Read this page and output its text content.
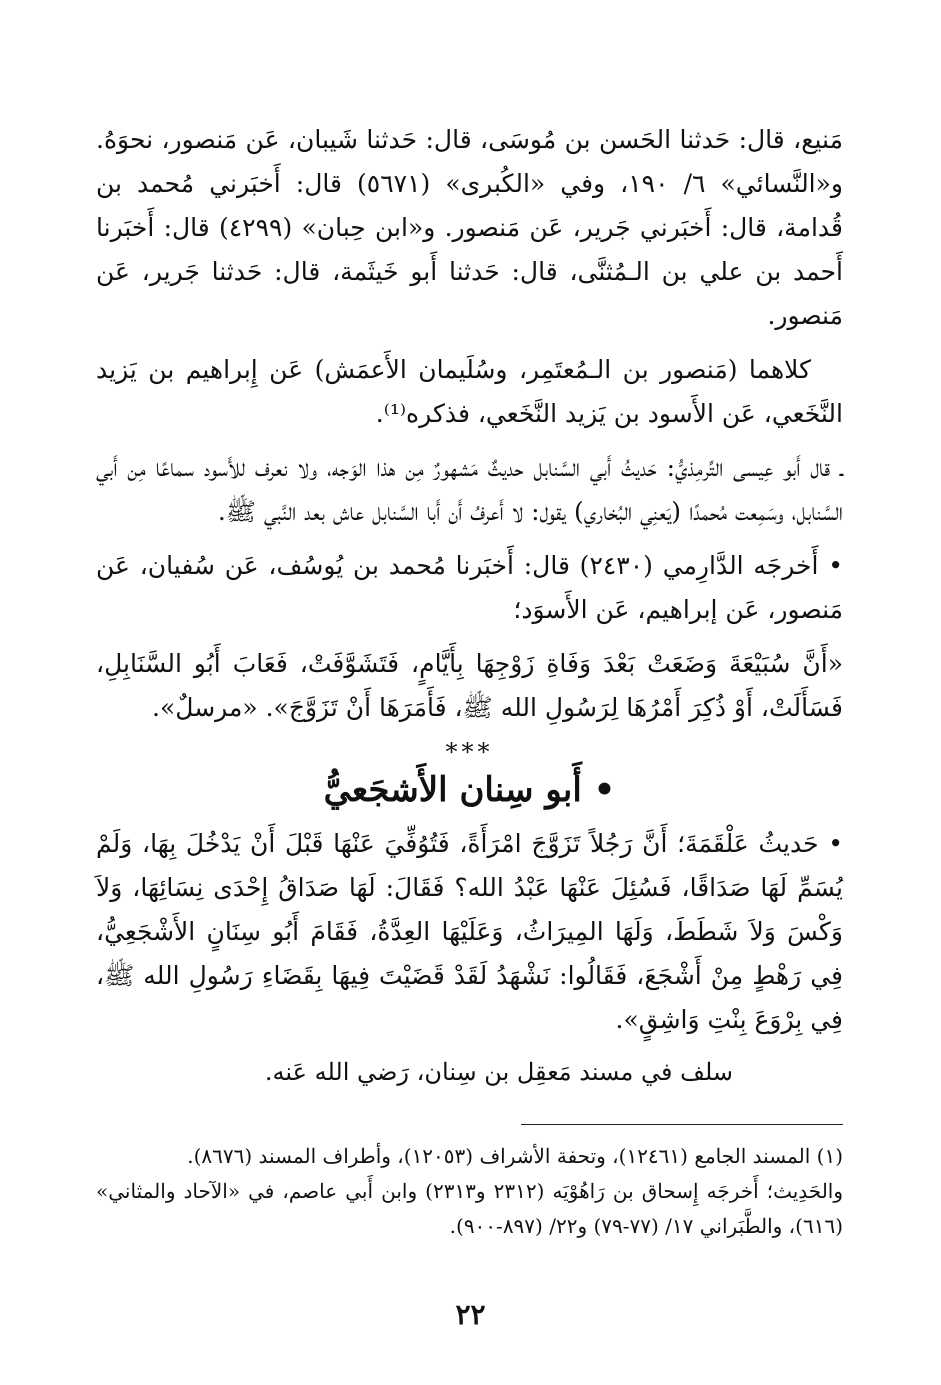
مَنيع، قال: حَدثنا الحَسن بن مُوسَى، قال: حَدثنا شَيبان، عَن مَنصور، نحوَهُ. و«النَّسائي» ٦/ ١٩٠، وفي «الكُبرى» (٥٦٧١) قال: أَخبَرني مُحمد بن قُدامة، قال: أَخبَرني جَرير، عَن مَنصور. و«ابن حِبان» (٤٢٩٩) قال: أَخبَرنا أَحمد بن علي بن الـمُثنَّى، قال: حَدثنا أَبو خَيثَمة، قال: حَدثنا جَرير، عَن مَنصور.

كلاهما (مَنصور بن الـمُعتَمِر، وسُلَيمان الأَعمَش) عَن إِبراهيم بن يَزيد النَّخَعي، عَن الأَسود بن يَزيد النَّخَعي، فذكره⁽¹⁾.

ـ قال أَبو عِيسى التِّرمِذيُّ: حَديثُ أَبي السَّنابل حديثٌ مَشهورٌ مِن هذا الوَجه، ولا نعرف للأَسود سماعًا مِن أَبي السَّنابل، وسَمِعت مُحمدًا (يَعنِي البُخاري) يقول: لا أَعرفُ أَن أَبا السَّنابل عاش بعد النَّبي ﷺ.

• أَخرجَه الدَّارِمي (٢٤٣٠) قال: أَخبَرنا مُحمد بن يُوسُف، عَن سُفيان، عَن مَنصور، عَن إبراهيم، عَن الأَسوَد؛

«أَنَّ سُبَيْعَةَ وَضَعَتْ بَعْدَ وَفَاةِ زَوْجِهَا بِأَيَّامٍ، فَتَشَوَّفَتْ، فَعَابَ أَبُو السَّنَابِلِ، فَسَأَلَتْ، أَوْ ذُكِرَ أَمْرُهَا لِرَسُولِ الله ﷺ، فَأَمَرَهَا أَنْ تَزَوَّجَ». «مرسلٌ».

***
• أَبو سِنان الأَشجَعيُّ

• حَديثُ عَلْقَمَةَ؛ أَنَّ رَجُلاً تَزَوَّجَ امْرَأَةً، فَتُوُفِّيَ عَنْهَا قَبْلَ أَنْ يَدْخُلَ بِهَا، وَلَمْ يُسَمِّ لَهَا صَدَاقًا، فَسُئِلَ عَنْهَا عَبْدُ الله؟ فَقَالَ: لَهَا صَدَاقُ إِحْدَى نِسَائِهَا، وَلاَ وَكْسَ وَلاَ شَطَطَ، وَلَهَا المِيرَاثُ، وَعَلَيْهَا العِدَّةُ، فَقَامَ أَبُو سِنَانٍ الأَشْجَعِيُّ، فِي رَهْطٍ مِنْ أَشْجَعَ، فَقَالُوا: نَشْهَدُ لَقَدْ قَضَيْتَ فِيهَا بِقَضَاءِ رَسُولِ الله ﷺ، فِي بِرْوَعَ بِنْتِ وَاشِقٍ».

سلف في مسند مَعقِل بن سِنان، رَضي الله عَنه.

(١) المسند الجامع (١٢٤٦١)، وتحفة الأشراف (١٢٠٥٣)، وأطراف المسند (٨٦٧٦).

والحَدِيث؛ أَخرجَه إِسحاق بن رَاهُوْيَه (٢٣١٢ و٢٣١٣) وابن أَبي عاصم، في «الآحاد والمثاني» (٦١٦)، والطَّبَراني ١٧/ (٧٧-٧٩) و٢٢/ (٨٩٧-٩٠٠).

٢٢
